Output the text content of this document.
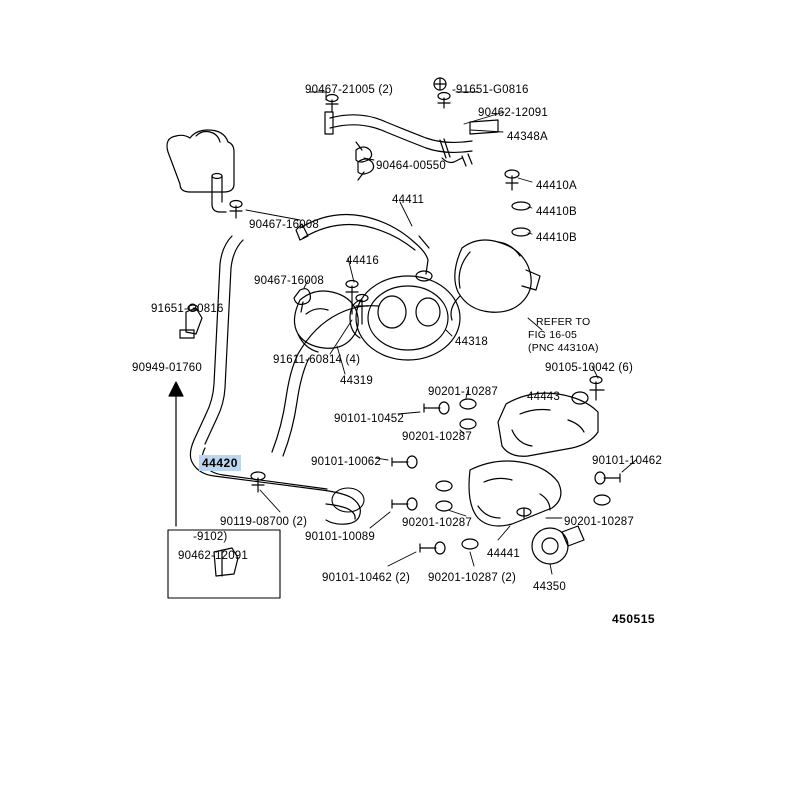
450515
44420
REFER TO
FIG 16-05
(PNC 44310A)
-9102)
90462-12091
90467-21005 (2)	-91651-G0816
90462-12091
44348A
90464-00550
44410A
44411
44410B
90467-16008
44410B
44416
90467-16008
91651-G0816
44318
91611-60814 (4)
90105-10042 (6)
90949-01760
44319
90201-10287	44443
90101-10452
90201-10287
90101-10062	90101-10462
90119-08700 (2)	90201-10287	90201-10287
90101-10089
44441
90101-10462 (2) 90201-10287 (2)
44350
